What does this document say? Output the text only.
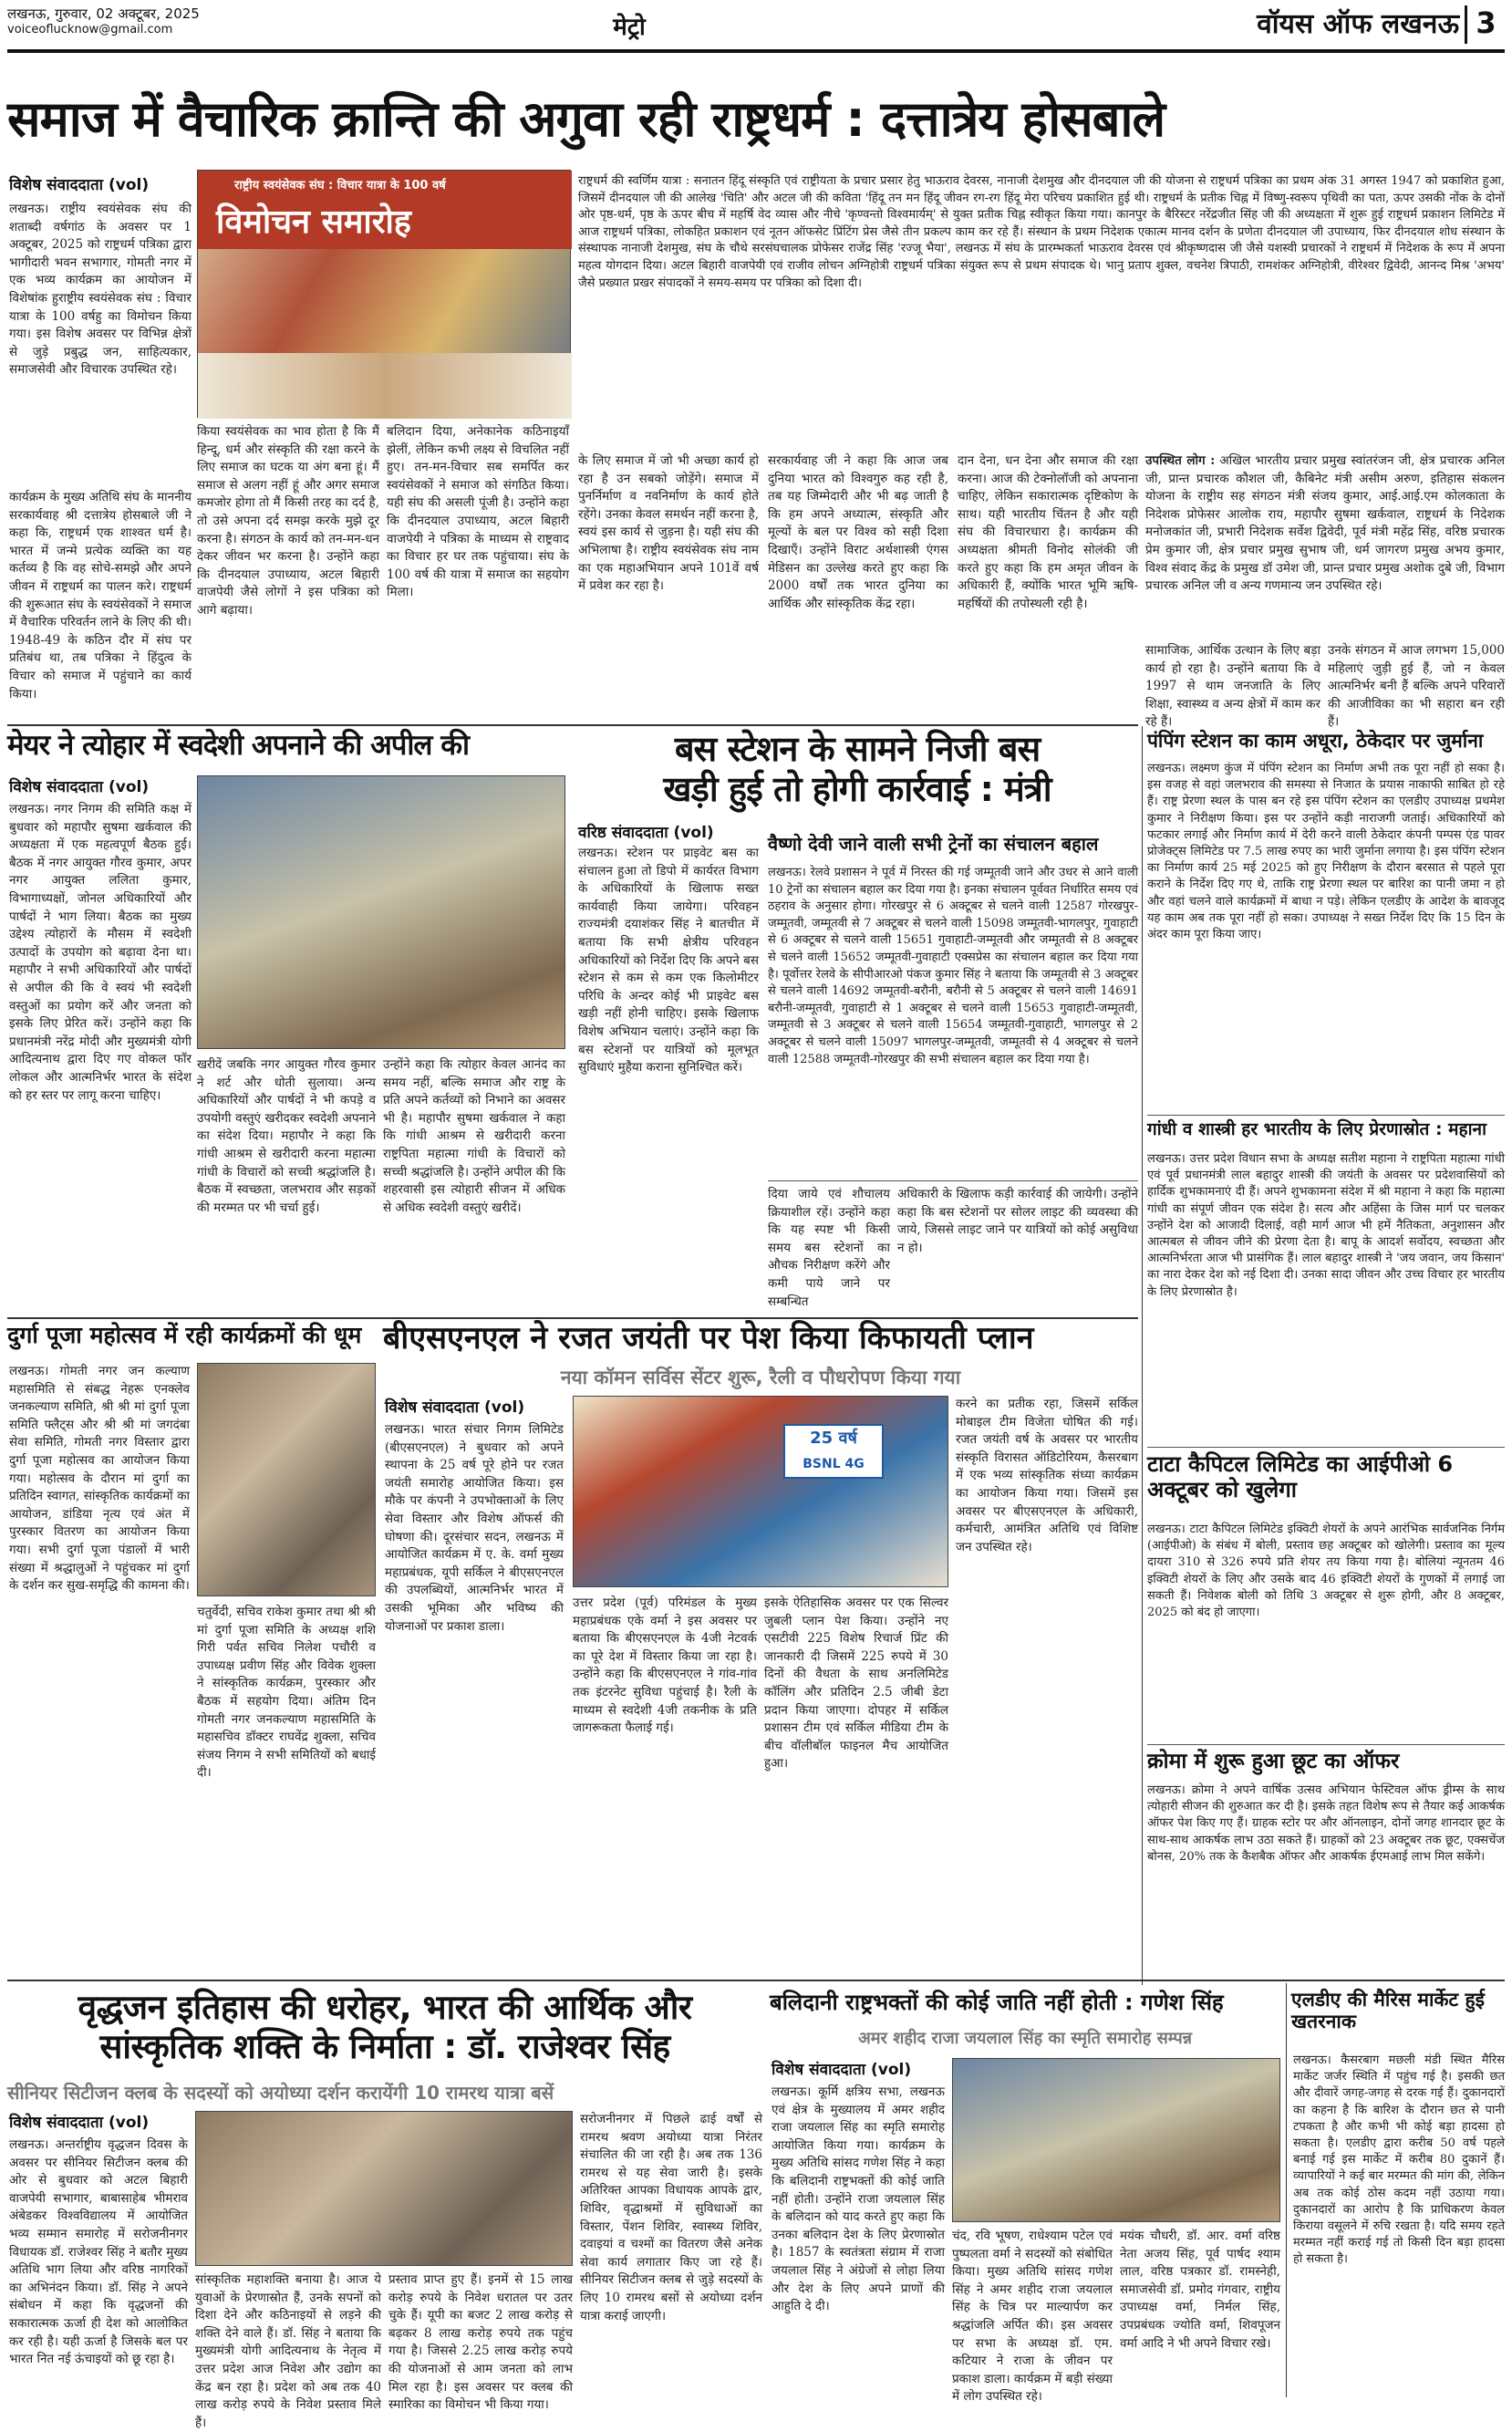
लखनऊ, गुरुवार, 02 अक्टूबर, 2025
voiceoflucknow@gmail.com	मेट्रो	वॉयस ऑफ लखनऊ 3
समाज में वैचारिक क्रान्ति की अगुवा रही राष्ट्रधर्म : दत्तात्रेय होसबाले
विशेष संवाददाता (vol)	राष्ट्रीय स्वयंसेवक संघ : विचार यात्रा के 100 वर्ष
विमोचन समारोह
लखनऊ। राष्ट्रीय स्वयंसेवक संघ की शताब्दी वर्षगांठ के अवसर पर 1 अक्टूबर, 2025 को राष्ट्रधर्म पत्रिका द्वारा भागीदारी भवन सभागार, गोमती नगर में एक भव्य कार्यक्रम का आयोजन में विशेषांक हुराष्ट्रीय स्वयंसेवक संघ : विचार यात्रा के 100 वर्षहु का विमोचन किया गया। इस विशेष अवसर पर विभिन्न क्षेत्रों से जुड़े प्रबुद्ध जन, साहित्यकार, समाजसेवी और विचारक उपस्थित रहे।
कार्यक्रम के मुख्य अतिथि संघ के माननीय सरकार्यवाह श्री दत्तात्रेय होसबाले जी ने कहा कि, राष्ट्रधर्म एक शाश्वत धर्म है। भारत में जन्मे प्रत्येक व्यक्ति का यह कर्तव्य है कि वह सोचे-समझे और अपने जीवन में राष्ट्रधर्म का पालन करे। राष्ट्रधर्म की शुरूआत संघ के स्वयंसेवकों ने समाज में वैचारिक परिवर्तन लाने के लिए की थी। 1948-49 के कठिन दौर में संघ पर प्रतिबंध था, तब पत्रिका ने हिंदुत्व के विचार को समाज में पहुंचाने का कार्य किया।
किया स्वयंसेवक का भाव होता है कि मैं हिन्दू, धर्म और संस्कृति की रक्षा करने के लिए समाज का घटक या अंग बना हूं। मैं समाज से अलग नहीं हूं और अगर समाज कमजोर होगा तो मैं किसी तरह का दर्द है, तो उसे अपना दर्द समझ करके मुझे दूर करना है। संगठन के कार्य को तन-मन-धन देकर जीवन भर करना है। उन्होंने कहा कि दीनदयाल उपाध्याय, अटल बिहारी वाजपेयी जैसे लोगों ने इस पत्रिका को आगे बढ़ाया।
बलिदान दिया, अनेकानेक कठिनाइयाँ झेलीं, लेकिन कभी लक्ष्य से विचलित नहीं हुए। तन-मन-विचार सब समर्पित कर स्वयंसेवकों ने समाज को संगठित किया। यही संघ की असली पूंजी है। उन्होंने कहा कि दीनदयाल उपाध्याय, अटल बिहारी वाजपेयी ने पत्रिका के माध्यम से राष्ट्रवाद का विचार हर घर तक पहुंचाया। संघ के 100 वर्ष की यात्रा में समाज का सहयोग मिला।
राष्ट्रधर्म की स्वर्णिम यात्रा : सनातन हिंदू संस्कृति एवं राष्ट्रीयता के प्रचार प्रसार हेतु भाऊराव देवरस, नानाजी देशमुख और दीनदयाल जी की योजना से राष्ट्रधर्म पत्रिका का प्रथम अंक 31 अगस्त 1947 को प्रकाशित हुआ, जिसमें दीनदयाल जी की आलेख 'चिति' और अटल जी की कविता 'हिंदू तन मन हिंदू जीवन रग-रग हिंदू मेरा परिचय प्रकाशित हुई थी। राष्ट्रधर्म के प्रतीक चिह्न में विष्णु-स्वरूप पृथिवी का पता, ऊपर उसकी नोंक के दोनों ओर पृष्ठ-धर्म, पृष्ठ के ऊपर बीच में महर्षि वेद व्यास और नीचे 'कृण्वन्तो विश्वमार्यम्' से युक्त प्रतीक चिह्न स्वीकृत किया गया। कानपुर के बैरिस्टर नरेंद्रजीत सिंह जी की अध्यक्षता में शुरू हुई राष्ट्रधर्म प्रकाशन लिमिटेड में आज राष्ट्रधर्म पत्रिका, लोकहित प्रकाशन एवं नूतन ऑफसेट प्रिंटिंग प्रेस जैसे तीन प्रकल्प काम कर रहे हैं। संस्थान के प्रथम निदेशक एकात्म मानव दर्शन के प्रणेता दीनदयाल जी उपाध्याय, फिर दीनदयाल शोध संस्थान के संस्थापक नानाजी देशमुख, संघ के चौथे सरसंघचालक प्रोफेसर राजेंद्र सिंह 'रज्जू भैया', लखनऊ में संघ के प्रारम्भकर्ता भाऊराव देवरस एवं श्रीकृष्णदास जी जैसे यशस्वी प्रचारकों ने राष्ट्रधर्म में निदेशक के रूप में अपना महत्व योगदान दिया। अटल बिहारी वाजपेयी एवं राजीव लोचन अग्निहोत्री राष्ट्रधर्म पत्रिका संयुक्त रूप से प्रथम संपादक थे। भानु प्रताप शुक्ल, वचनेश त्रिपाठी, रामशंकर अग्निहोत्री, वीरेश्वर द्विवेदी, आनन्द मिश्र 'अभय' जैसे प्रख्यात प्रखर संपादकों ने समय-समय पर पत्रिका को दिशा दी।
के लिए समाज में जो भी अच्छा कार्य हो रहा है उन सबको जोड़ेंगे। समाज में पुनर्निर्माण व नवनिर्माण के कार्य होते रहेंगे। उनका केवल समर्थन नहीं करना है, स्वयं इस कार्य से जुड़ना है। यही संघ की अभिलाषा है। राष्ट्रीय स्वयंसेवक संघ नाम का एक महाअभियान अपने 101वें वर्ष में प्रवेश कर रहा है।
सरकार्यवाह जी ने कहा कि आज जब दुनिया भारत को विश्वगुरु कह रही है, तब यह जिम्मेदारी और भी बढ़ जाती है कि हम अपने अध्यात्म, संस्कृति और मूल्यों के बल पर विश्व को सही दिशा दिखाएँ। उन्होंने विराट अर्थशास्त्री एंगस मेडिसन का उल्लेख करते हुए कहा कि 2000 वर्षों तक भारत दुनिया का आर्थिक और सांस्कृतिक केंद्र रहा।
दान देना, धन देना और समाज की रक्षा करना। आज की टेक्नोलॉजी को अपनाना चाहिए, लेकिन सकारात्मक दृष्टिकोण के साथ। यही भारतीय चिंतन है और यही संघ की विचारधारा है। कार्यक्रम की अध्यक्षता श्रीमती विनोद सोलंकी जी करते हुए कहा कि हम अमृत जीवन के अधिकारी हैं, क्योंकि भारत भूमि ऋषि-महर्षियों की तपोस्थली रही है।
उपस्थित लोग : अखिल भारतीय प्रचार प्रमुख स्वांतरंजन जी, क्षेत्र प्रचारक अनिल जी, प्रान्त प्रचारक कौशल जी, कैबिनेट मंत्री असीम अरुण, इतिहास संकलन योजना के राष्ट्रीय सह संगठन मंत्री संजय कुमार, आई.आई.एम कोलकाता के निदेशक प्रोफेसर आलोक राय, महापौर सुषमा खर्कवाल, राष्ट्रधर्म के निदेशक मनोजकांत जी, प्रभारी निदेशक सर्वेश द्विवेदी, पूर्व मंत्री महेंद्र सिंह, वरिष्ठ प्रचारक प्रेम कुमार जी, क्षेत्र प्रचार प्रमुख सुभाष जी, धर्म जागरण प्रमुख अभय कुमार, विश्व संवाद केंद्र के प्रमुख डॉ उमेश जी, प्रान्त प्रचार प्रमुख अशोक दुबे जी, विभाग प्रचारक अनिल जी व अन्य गणमान्य जन उपस्थित रहे।
सामाजिक, आर्थिक उत्थान के लिए बड़ा कार्य हो रहा है। उन्होंने बताया कि वे 1997 से थाम जनजाति के लिए शिक्षा, स्वास्थ्य व अन्य क्षेत्रों में काम कर रहे हैं।
उनके संगठन में आज लगभग 15,000 महिलाएं जुड़ी हुई हैं, जो न केवल आत्मनिर्भर बनी हैं बल्कि अपने परिवारों की आजीविका का भी सहारा बन रही हैं।
मेयर ने त्योहार में स्वदेशी अपनाने की अपील की
विशेष संवाददाता (vol)
लखनऊ। नगर निगम की समिति कक्ष में बुधवार को महापौर सुषमा खर्कवाल की अध्यक्षता में एक महत्वपूर्ण बैठक हुई। बैठक में नगर आयुक्त गौरव कुमार, अपर नगर आयुक्त ललिता कुमार, विभागाध्यक्षों, जोनल अधिकारियों और पार्षदों ने भाग लिया। बैठक का मुख्य उद्देश्य त्योहारों के मौसम में स्वदेशी उत्पादों के उपयोग को बढ़ावा देना था। महापौर ने सभी अधिकारियों और पार्षदों से अपील की कि वे स्वयं भी स्वदेशी वस्तुओं का प्रयोग करें और जनता को इसके लिए प्रेरित करें। उन्होंने कहा कि प्रधानमंत्री नरेंद्र मोदी और मुख्यमंत्री योगी आदित्यनाथ द्वारा दिए गए वोकल फॉर लोकल और आत्मनिर्भर भारत के संदेश को हर स्तर पर लागू करना चाहिए।
खरीदें जबकि नगर आयुक्त गौरव कुमार ने शर्ट और धोती सुलाया। अन्य अधिकारियों और पार्षदों ने भी कपड़े व उपयोगी वस्तुएं खरीदकर स्वदेशी अपनाने का संदेश दिया। महापौर ने कहा कि गांधी आश्रम से खरीदारी करना महात्मा गांधी के विचारों को सच्ची श्रद्धांजलि है। बैठक में स्वच्छता, जलभराव और सड़कों की मरम्मत पर भी चर्चा हुई।
उन्होंने कहा कि त्योहार केवल आनंद का समय नहीं, बल्कि समाज और राष्ट्र के प्रति अपने कर्तव्यों को निभाने का अवसर भी है। महापौर सुषमा खर्कवाल ने कहा कि गांधी आश्रम से खरीदारी करना राष्ट्रपिता महात्मा गांधी के विचारों को सच्ची श्रद्धांजलि है। उन्होंने अपील की कि शहरवासी इस त्योहारी सीजन में अधिक से अधिक स्वदेशी वस्तुएं खरीदें।
बस स्टेशन के सामने निजी बस
खड़ी हुई तो होगी कार्रवाई : मंत्री
वरिष्ठ संवाददाता (vol)
लखनऊ। स्टेशन पर प्राइवेट बस का संचालन हुआ तो डिपो में कार्यरत विभाग के अधिकारियों के खिलाफ सख्त कार्यवाही किया जायेगा। परिवहन राज्यमंत्री दयाशंकर सिंह ने बातचीत में बताया कि सभी क्षेत्रीय परिवहन अधिकारियों को निर्देश दिए कि अपने बस स्टेशन से कम से कम एक किलोमीटर परिधि के अन्दर कोई भी प्राइवेट बस खड़ी नहीं होनी चाहिए। इसके खिलाफ विशेष अभियान चलाएं। उन्होंने कहा कि बस स्टेशनों पर यात्रियों को मूलभूत सुविधाएं मुहैया कराना सुनिश्चित करें।
वैष्णो देवी जाने वाली सभी ट्रेनों का संचालन बहाल
लखनऊ। रेलवे प्रशासन ने पूर्व में निरस्त की गई जम्मूतवी जाने और उधर से आने वाली 10 ट्रेनों का संचालन बहाल कर दिया गया है। इनका संचालन पूर्ववत निर्धारित समय एवं ठहराव के अनुसार होगा। गोरखपुर से 6 अक्टूबर से चलने वाली 12587 गोरखपुर-जम्मूतवी, जम्मूतवी से 7 अक्टूबर से चलने वाली 15098 जम्मूतवी-भागलपुर, गुवाहाटी से 6 अक्टूबर से चलने वाली 15651 गुवाहाटी-जम्मूतवी और जम्मूतवी से 8 अक्टूबर से चलने वाली 15652 जम्मूतवी-गुवाहाटी एक्सप्रेस का संचालन बहाल कर दिया गया है। पूर्वोत्तर रेलवे के सीपीआरओ पंकज कुमार सिंह ने बताया कि जम्मूतवी से 3 अक्टूबर से चलने वाली 14692 जम्मूतवी-बरौनी, बरौनी से 5 अक्टूबर से चलने वाली 14691 बरौनी-जम्मूतवी, गुवाहाटी से 1 अक्टूबर से चलने वाली 15653 गुवाहाटी-जम्मूतवी, जम्मूतवी से 3 अक्टूबर से चलने वाली 15654 जम्मूतवी-गुवाहाटी, भागलपुर से 2 अक्टूबर से चलने वाली 15097 भागलपुर-जम्मूतवी, जम्मूतवी से 4 अक्टूबर से चलने वाली 12588 जम्मूतवी-गोरखपुर की सभी संचालन बहाल कर दिया गया है।
दिया जाये एवं शौचालय क्रियाशील रहें। उन्होंने कहा कि यह स्पष्ट भी किसी समय बस स्टेशनों का औचक निरीक्षण करेंगे और कमी पाये जाने पर सम्बन्धित
अधिकारी के खिलाफ कड़ी कार्रवाई की जायेगी। उन्होंने कहा कि बस स्टेशनों पर सोलर लाइट की व्यवस्था की जाये, जिससे लाइट जाने पर यात्रियों को कोई असुविधा न हो।
पंपिंग स्टेशन का काम अधूरा, ठेकेदार पर जुर्माना
लखनऊ। लक्ष्मण कुंज में पंपिंग स्टेशन का निर्माण अभी तक पूरा नहीं हो सका है। इस वजह से वहां जलभराव की समस्या से निजात के प्रयास नाकाफी साबित हो रहे हैं। राष्ट्र प्रेरणा स्थल के पास बन रहे इस पंपिंग स्टेशन का एलडीए उपाध्यक्ष प्रथमेश कुमार ने निरीक्षण किया। इस पर उन्होंने कड़ी नाराजगी जताई। अधिकारियों को फटकार लगाई और निर्माण कार्य में देरी करने वाली ठेकेदार कंपनी पम्पस एंड पावर प्रोजेक्ट्स लिमिटेड पर 7.5 लाख रुपए का भारी जुर्माना लगाया है। इस पंपिंग स्टेशन का निर्माण कार्य 25 मई 2025 को हुए निरीक्षण के दौरान बरसात से पहले पूरा कराने के निर्देश दिए गए थे, ताकि राष्ट्र प्रेरणा स्थल पर बारिश का पानी जमा न हो और वहां चलने वाले कार्यक्रमों में बाधा न पड़े। लेकिन एलडीए के आदेश के बावजूद यह काम अब तक पूरा नहीं हो सका। उपाध्यक्ष ने सख्त निर्देश दिए कि 15 दिन के अंदर काम पूरा किया जाए।
गांधी व शास्त्री हर भारतीय के लिए प्रेरणास्रोत : महाना
लखनऊ। उत्तर प्रदेश विधान सभा के अध्यक्ष सतीश महाना ने राष्ट्रपिता महात्मा गांधी एवं पूर्व प्रधानमंत्री लाल बहादुर शास्त्री की जयंती के अवसर पर प्रदेशवासियों को हार्दिक शुभकामनाएं दी हैं। अपने शुभकामना संदेश में श्री महाना ने कहा कि महात्मा गांधी का संपूर्ण जीवन एक संदेश है। सत्य और अहिंसा के जिस मार्ग पर चलकर उन्होंने देश को आजादी दिलाई, वही मार्ग आज भी हमें नैतिकता, अनुशासन और आत्मबल से जीवन जीने की प्रेरणा देता है। बापू के आदर्श सर्वोदय, स्वच्छता और आत्मनिर्भरता आज भी प्रासंगिक हैं। लाल बहादुर शास्त्री ने 'जय जवान, जय किसान' का नारा देकर देश को नई दिशा दी। उनका सादा जीवन और उच्च विचार हर भारतीय के लिए प्रेरणास्रोत है।
टाटा कैपिटल लिमिटेड का आईपीओ 6 अक्टूबर को खुलेगा
लखनऊ। टाटा कैपिटल लिमिटेड इक्विटी शेयरों के अपने आरंभिक सार्वजनिक निर्गम (आईपीओ) के संबंध में बोली, प्रस्ताव छह अक्टूबर को खोलेगी। प्रस्ताव का मूल्य दायरा 310 से 326 रुपये प्रति शेयर तय किया गया है। बोलियां न्यूनतम 46 इक्विटी शेयरों के लिए और उसके बाद 46 इक्विटी शेयरों के गुणकों में लगाई जा सकती हैं। निवेशक बोली को तिथि 3 अक्टूबर से शुरू होगी, और 8 अक्टूबर, 2025 को बंद हो जाएगा।
क्रोमा में शुरू हुआ छूट का ऑफर
लखनऊ। क्रोमा ने अपने वार्षिक उत्सव अभियान फेस्टिवल ऑफ ड्रीम्स के साथ त्योहारी सीजन की शुरुआत कर दी है। इसके तहत विशेष रूप से तैयार कई आकर्षक ऑफर पेश किए गए हैं। ग्राहक स्टोर पर और ऑनलाइन, दोनों जगह शानदार छूट के साथ-साथ आकर्षक लाभ उठा सकते हैं। ग्राहकों को 23 अक्टूबर तक छूट, एक्सचेंज बोनस, 20% तक के कैशबैक ऑफर और आकर्षक ईएमआई लाभ मिल सकेंगे।
दुर्गा पूजा महोत्सव में रही कार्यक्रमों की धूम
लखनऊ। गोमती नगर जन कल्याण महासमिति से संबद्ध नेहरू एनक्लेव जनकल्याण समिति, श्री श्री मां दुर्गा पूजा समिति फ्लैट्स और श्री श्री मां जगदंबा सेवा समिति, गोमती नगर विस्तार द्वारा दुर्गा पूजा महोत्सव का आयोजन किया गया। महोत्सव के दौरान मां दुर्गा का प्रतिदिन स्वागत, सांस्कृतिक कार्यक्रमों का आयोजन, डांडिया नृत्य एवं अंत में पुरस्कार वितरण का आयोजन किया गया। सभी दुर्गा पूजा पंडालों में भारी संख्या में श्रद्धालुओं ने पहुंचकर मां दुर्गा के दर्शन कर सुख-समृद्धि की कामना की।
चतुर्वेदी, सचिव राकेश कुमार तथा श्री श्री मां दुर्गा पूजा समिति के अध्यक्ष शशि गिरी पर्वत सचिव निलेश पचौरी व उपाध्यक्ष प्रवीण सिंह और विवेक शुक्ला ने सांस्कृतिक कार्यक्रम, पुरस्कार और बैठक में सहयोग दिया। अंतिम दिन गोमती नगर जनकल्याण महासमिति के महासचिव डॉक्टर राघवेंद्र शुक्ला, सचिव संजय निगम ने सभी समितियों को बधाई दी।
बीएसएनएल ने रजत जयंती पर पेश किया किफायती प्लान
नया कॉमन सर्विस सेंटर शुरू, रैली व पौधरोपण किया गया
विशेष संवाददाता (vol)
लखनऊ। भारत संचार निगम लिमिटेड (बीएसएनएल) ने बुधवार को अपने स्थापना के 25 वर्ष पूरे होने पर रजत जयंती समारोह आयोजित किया। इस मौके पर कंपनी ने उपभोक्ताओं के लिए सेवा विस्तार और विशेष ऑफर्स की घोषणा की। दूरसंचार सदन, लखनऊ में आयोजित कार्यक्रम में ए. के. वर्मा मुख्य महाप्रबंधक, यूपी सर्किल ने बीएसएनएल की उपलब्धियों, आत्मनिर्भर भारत में उसकी भूमिका और भविष्य की योजनाओं पर प्रकाश डाला।
25 वर्ष
BSNL 4G
उत्तर प्रदेश (पूर्व) परिमंडल के मुख्य महाप्रबंधक एके वर्मा ने इस अवसर पर बताया कि बीएसएनएल के 4जी नेटवर्क का पूरे देश में विस्तार किया जा रहा है। उन्होंने कहा कि बीएसएनएल ने गांव-गांव तक इंटरनेट सुविधा पहुंचाई है। रैली के माध्यम से स्वदेशी 4जी तकनीक के प्रति जागरूकता फैलाई गई।
इसके ऐतिहासिक अवसर पर एक सिल्वर जुबली प्लान पेश किया। उन्होंने नए एसटीवी 225 विशेष रिचार्ज प्रिंट की जानकारी दी जिसमें 225 रुपये में 30 दिनों की वैधता के साथ अनलिमिटेड कॉलिंग और प्रतिदिन 2.5 जीबी डेटा प्रदान किया जाएगा। दोपहर में सर्किल प्रशासन टीम एवं सर्किल मीडिया टीम के बीच वॉलीबॉल फाइनल मैच आयोजित हुआ।
करने का प्रतीक रहा, जिसमें सर्किल मोबाइल टीम विजेता घोषित की गई। रजत जयंती वर्ष के अवसर पर भारतीय संस्कृति विरासत ऑडिटोरियम, कैसरबाग में एक भव्य सांस्कृतिक संध्या कार्यक्रम का आयोजन किया गया। जिसमें इस अवसर पर बीएसएनएल के अधिकारी, कर्मचारी, आमंत्रित अतिथि एवं विशिष्ट जन उपस्थित रहे।
वृद्धजन इतिहास की धरोहर, भारत की आर्थिक और
सांस्कृतिक शक्ति के निर्माता : डॉ. राजेश्वर सिंह
सीनियर सिटीजन क्लब के सदस्यों को अयोध्या दर्शन करायेंगी 10 रामरथ यात्रा बसें
विशेष संवाददाता (vol)
लखनऊ। अन्तर्राष्ट्रीय वृद्धजन दिवस के अवसर पर सीनियर सिटीजन क्लब की ओर से बुधवार को अटल बिहारी वाजपेयी सभागार, बाबासाहेब भीमराव अंबेडकर विश्वविद्यालय में आयोजित भव्य सम्मान समारोह में सरोजनीनगर विधायक डॉ. राजेश्वर सिंह ने बतौर मुख्य अतिथि भाग लिया और वरिष्ठ नागरिकों का अभिनंदन किया। डॉ. सिंह ने अपने संबोधन में कहा कि वृद्धजनों की सकारात्मक ऊर्जा ही देश को आलोकित कर रही है। यही ऊर्जा है जिसके बल पर भारत नित नई ऊंचाइयों को छू रहा है।
सांस्कृतिक महाशक्ति बनाया है। आज ये युवाओं के प्रेरणास्रोत हैं, उनके सपनों को दिशा देने और कठिनाइयों से लड़ने की शक्ति देने वाले हैं। डॉ. सिंह ने बताया कि मुख्यमंत्री योगी आदित्यनाथ के नेतृत्व में उत्तर प्रदेश आज निवेश और उद्योग का केंद्र बन रहा है। प्रदेश को अब तक 40 लाख करोड़ रुपये के निवेश प्रस्ताव मिले हैं।
प्रस्ताव प्राप्त हुए हैं। इनमें से 15 लाख करोड़ रुपये के निवेश धरातल पर उतर चुके हैं। यूपी का बजट 2 लाख करोड़ से बढ़कर 8 लाख करोड़ रुपये तक पहुंच गया है। जिससे 2.25 लाख करोड़ रुपये की योजनाओं से आम जनता को लाभ मिल रहा है। इस अवसर पर क्लब की स्मारिका का विमोचन भी किया गया।
सरोजनीनगर में पिछले ढाई वर्षों से रामरथ श्रवण अयोध्या यात्रा निरंतर संचालित की जा रही है। अब तक 136 रामरथ से यह सेवा जारी है। इसके अतिरिक्त आपका विधायक आपके द्वार, शिविर, वृद्धाश्रमों में सुविधाओं का विस्तार, पेंशन शिविर, स्वास्थ्य शिविर, दवाइयां व चश्मों का वितरण जैसे अनेक सेवा कार्य लगातार किए जा रहे हैं। सीनियर सिटीजन क्लब से जुड़े सदस्यों के लिए 10 रामरथ बसों से अयोध्या दर्शन यात्रा कराई जाएगी।
बलिदानी राष्ट्रभक्तों की कोई जाति नहीं होती : गणेश सिंह
अमर शहीद राजा जयलाल सिंह का स्मृति समारोह सम्पन्न
विशेष संवाददाता (vol)
लखनऊ। कूर्मि क्षत्रिय सभा, लखनऊ एवं क्षेत्र के मुख्यालय में अमर शहीद राजा जयलाल सिंह का स्मृति समारोह आयोजित किया गया। कार्यक्रम के मुख्य अतिथि सांसद गणेश सिंह ने कहा कि बलिदानी राष्ट्रभक्तों की कोई जाति नहीं होती। उन्होंने राजा जयलाल सिंह के बलिदान को याद करते हुए कहा कि उनका बलिदान देश के लिए प्रेरणास्रोत है। 1857 के स्वतंत्रता संग्राम में राजा जयलाल सिंह ने अंग्रेजों से लोहा लिया और देश के लिए अपने प्राणों की आहुति दे दी।
चंद, रवि भूषण, राधेश्याम पटेल एवं पुष्पलता वर्मा ने सदस्यों को संबोधित किया। मुख्य अतिथि सांसद गणेश सिंह ने अमर शहीद राजा जयलाल सिंह के चित्र पर माल्यार्पण कर श्रद्धांजलि अर्पित की। इस अवसर पर सभा के अध्यक्ष डॉ. एम. कटियार ने राजा के जीवन पर प्रकाश डाला। कार्यक्रम में बड़ी संख्या में लोग उपस्थित रहे।
मयंक चौधरी, डॉ. आर. वर्मा वरिष्ठ नेता अजय सिंह, पूर्व पार्षद श्याम लाल, वरिष्ठ पत्रकार डॉ. रामस्नेही, समाजसेवी डॉ. प्रमोद गंगवार, राष्ट्रीय उपाध्यक्ष वर्मा, निर्मल सिंह, उपप्रबंधक ज्योति वर्मा, शिवपूजन वर्मा आदि ने भी अपने विचार रखे।
एलडीए की मैरिस मार्केट हुई खतरनाक
लखनऊ। कैसरबाग मछली मंडी स्थित मैरिस मार्केट जर्जर स्थिति में पहुंच गई है। इसकी छत और दीवारें जगह-जगह से दरक गई हैं। दुकानदारों का कहना है कि बारिश के दौरान छत से पानी टपकता है और कभी भी कोई बड़ा हादसा हो सकता है। एलडीए द्वारा करीब 50 वर्ष पहले बनाई गई इस मार्केट में करीब 80 दुकानें हैं। व्यापारियों ने कई बार मरम्मत की मांग की, लेकिन अब तक कोई ठोस कदम नहीं उठाया गया। दुकानदारों का आरोप है कि प्राधिकरण केवल किराया वसूलने में रुचि रखता है। यदि समय रहते मरम्मत नहीं कराई गई तो किसी दिन बड़ा हादसा हो सकता है।
